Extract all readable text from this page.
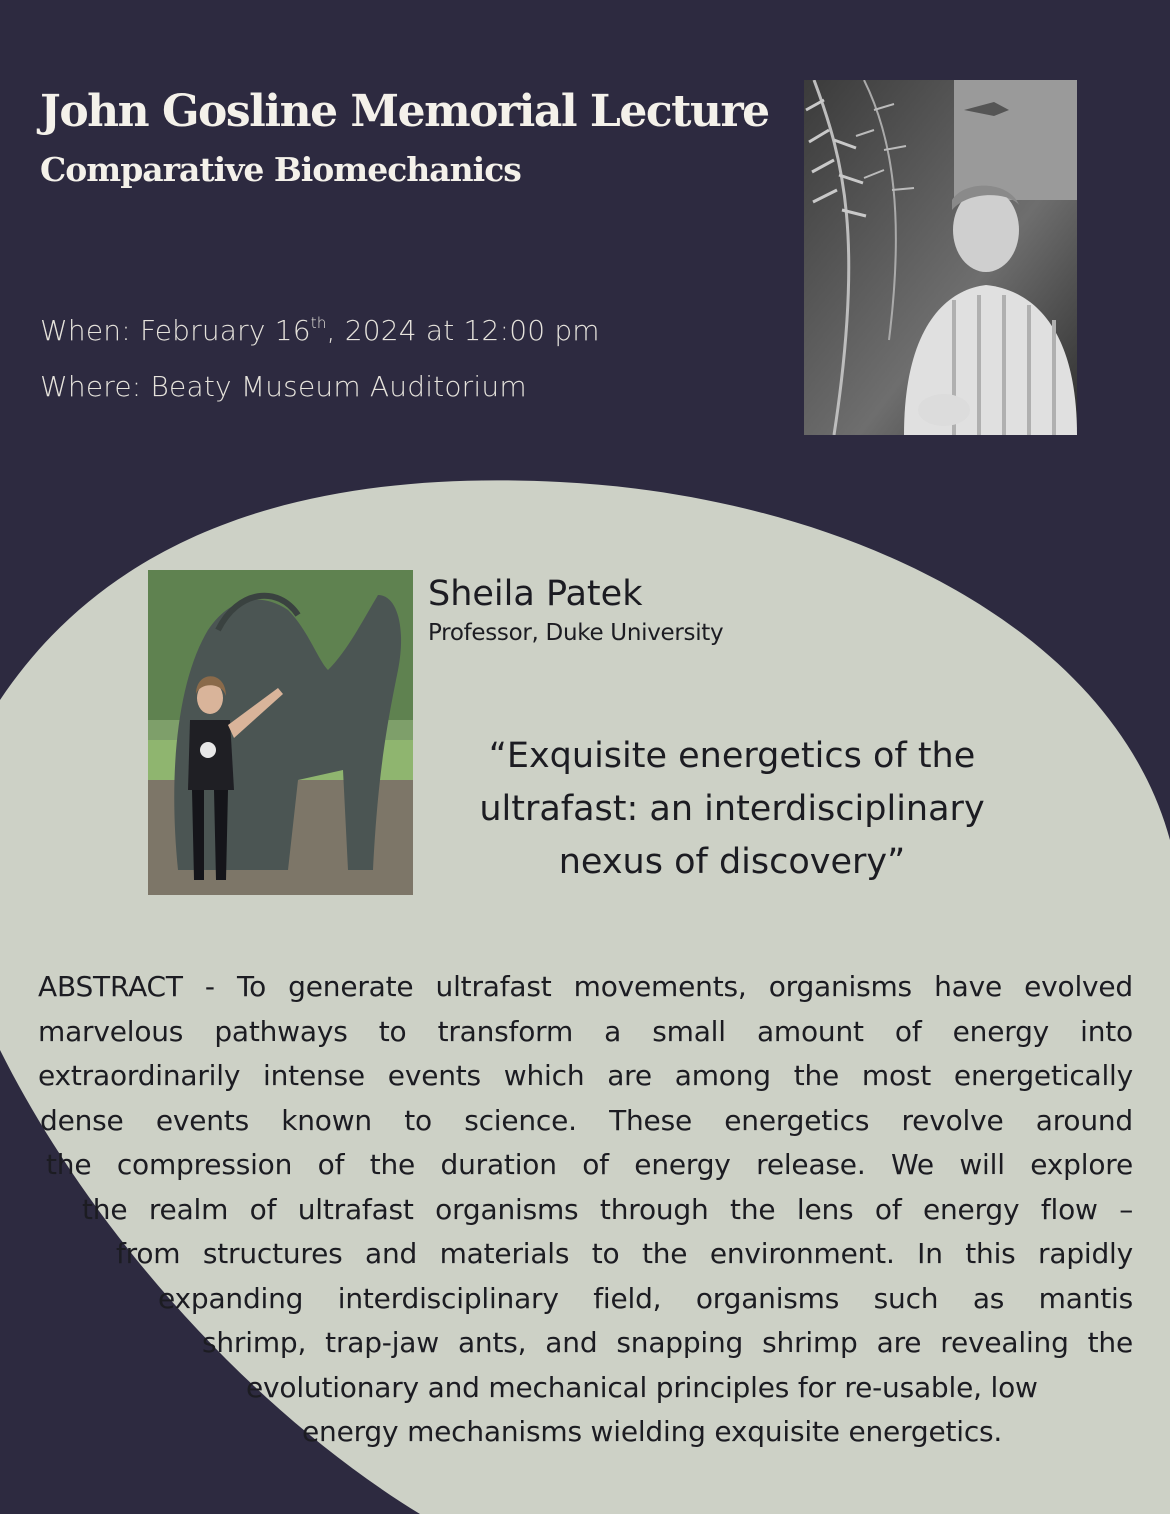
John Gosline Memorial Lecture
Comparative Biomechanics
When: February 16th, 2024 at 12:00 pm
Where: Beaty Museum Auditorium
Sheila Patek
Professor, Duke University
“Exquisite energetics of the
ultrafast: an interdisciplinary
nexus of discovery”
ABSTRACT - To generate ultrafast movements, organisms have evolved
marvelous pathways to transform a small amount of energy into
extraordinarily intense events which are among the most energetically
dense events known to science. These energetics revolve around
the compression of the duration of energy release. We will explore
the realm of ultrafast organisms through the lens of energy flow –
from structures and materials to the environment. In this rapidly
expanding interdisciplinary field, organisms such as mantis
shrimp, trap-jaw ants, and snapping shrimp are revealing the
evolutionary and mechanical principles for re-usable, low
energy mechanisms wielding exquisite energetics.
